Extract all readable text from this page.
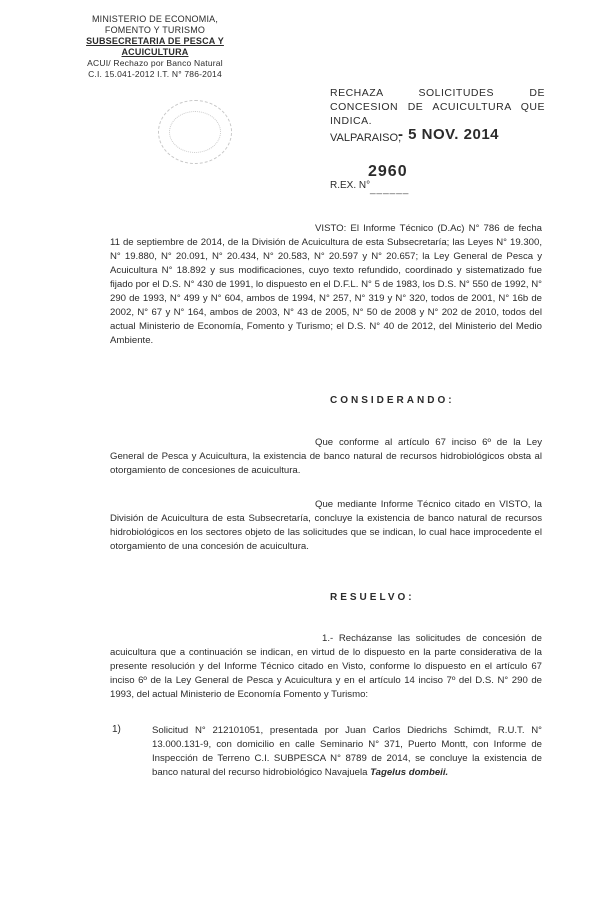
MINISTERIO DE ECONOMIA,
FOMENTO Y TURISMO
SUBSECRETARIA DE PESCA Y ACUICULTURA
ACUI/ Rechazo por Banco Natural
C.I. 15.041-2012 I.T. N° 786-2014
RECHAZA SOLICITUDES DE CONCESION DE ACUICULTURA QUE INDICA.
VALPARAISO,
- 5 NOV. 2014
R.EX. N°
2960
______
VISTO: El Informe Técnico (D.Ac) N° 786 de fecha 11 de septiembre de 2014, de la División de Acuicultura de esta Subsecretaría; las Leyes N° 19.300, N° 19.880, N° 20.091, N° 20.434, N° 20.583, N° 20.597 y N° 20.657; la Ley General de Pesca y Acuicultura N° 18.892 y sus modificaciones, cuyo texto refundido, coordinado y sistematizado fue fijado por el D.S. N° 430 de 1991, lo dispuesto en el D.F.L. N° 5 de 1983, los D.S. N° 550 de 1992, N° 290 de 1993, N° 499 y N° 604, ambos de 1994, N° 257, N° 319 y N° 320, todos de 2001, N° 16b de 2002, N° 67 y N° 164, ambos de 2003, N° 43 de 2005, N° 50 de 2008 y N° 202 de 2010, todos del actual Ministerio de Economía, Fomento y Turismo; el D.S. N° 40 de 2012, del Ministerio del Medio Ambiente.
CONSIDERANDO:
Que conforme al artículo 67 inciso 6º de la Ley General de Pesca y Acuicultura, la existencia de banco natural de recursos hidrobiológicos obsta al otorgamiento de concesiones de acuicultura.
Que mediante Informe Técnico citado en VISTO, la División de Acuicultura de esta Subsecretaría, concluye la existencia de banco natural de recursos hidrobiológicos en los sectores objeto de las solicitudes que se indican, lo cual hace improcedente el otorgamiento de una concesión de acuicultura.
RESUELVO:
1.- Recházanse las solicitudes de concesión de acuicultura que a continuación se indican, en virtud de lo dispuesto en la parte considerativa de la presente resolución y del Informe Técnico citado en Visto, conforme lo dispuesto en el artículo 67 inciso 6º de la Ley General de Pesca y Acuicultura y en el artículo 14 inciso 7º del D.S. N° 290 de 1993, del actual Ministerio de Economía Fomento y Turismo:
1)	Solicitud N° 212101051, presentada por Juan Carlos Diedrichs Schimdt, R.U.T. N° 13.000.131-9, con domicilio en calle Seminario N° 371, Puerto Montt, con Informe de Inspección de Terreno C.I. SUBPESCA N° 8789 de 2014, se concluye la existencia de banco natural del recurso hidrobiológico Navajuela Tagelus dombeii.
